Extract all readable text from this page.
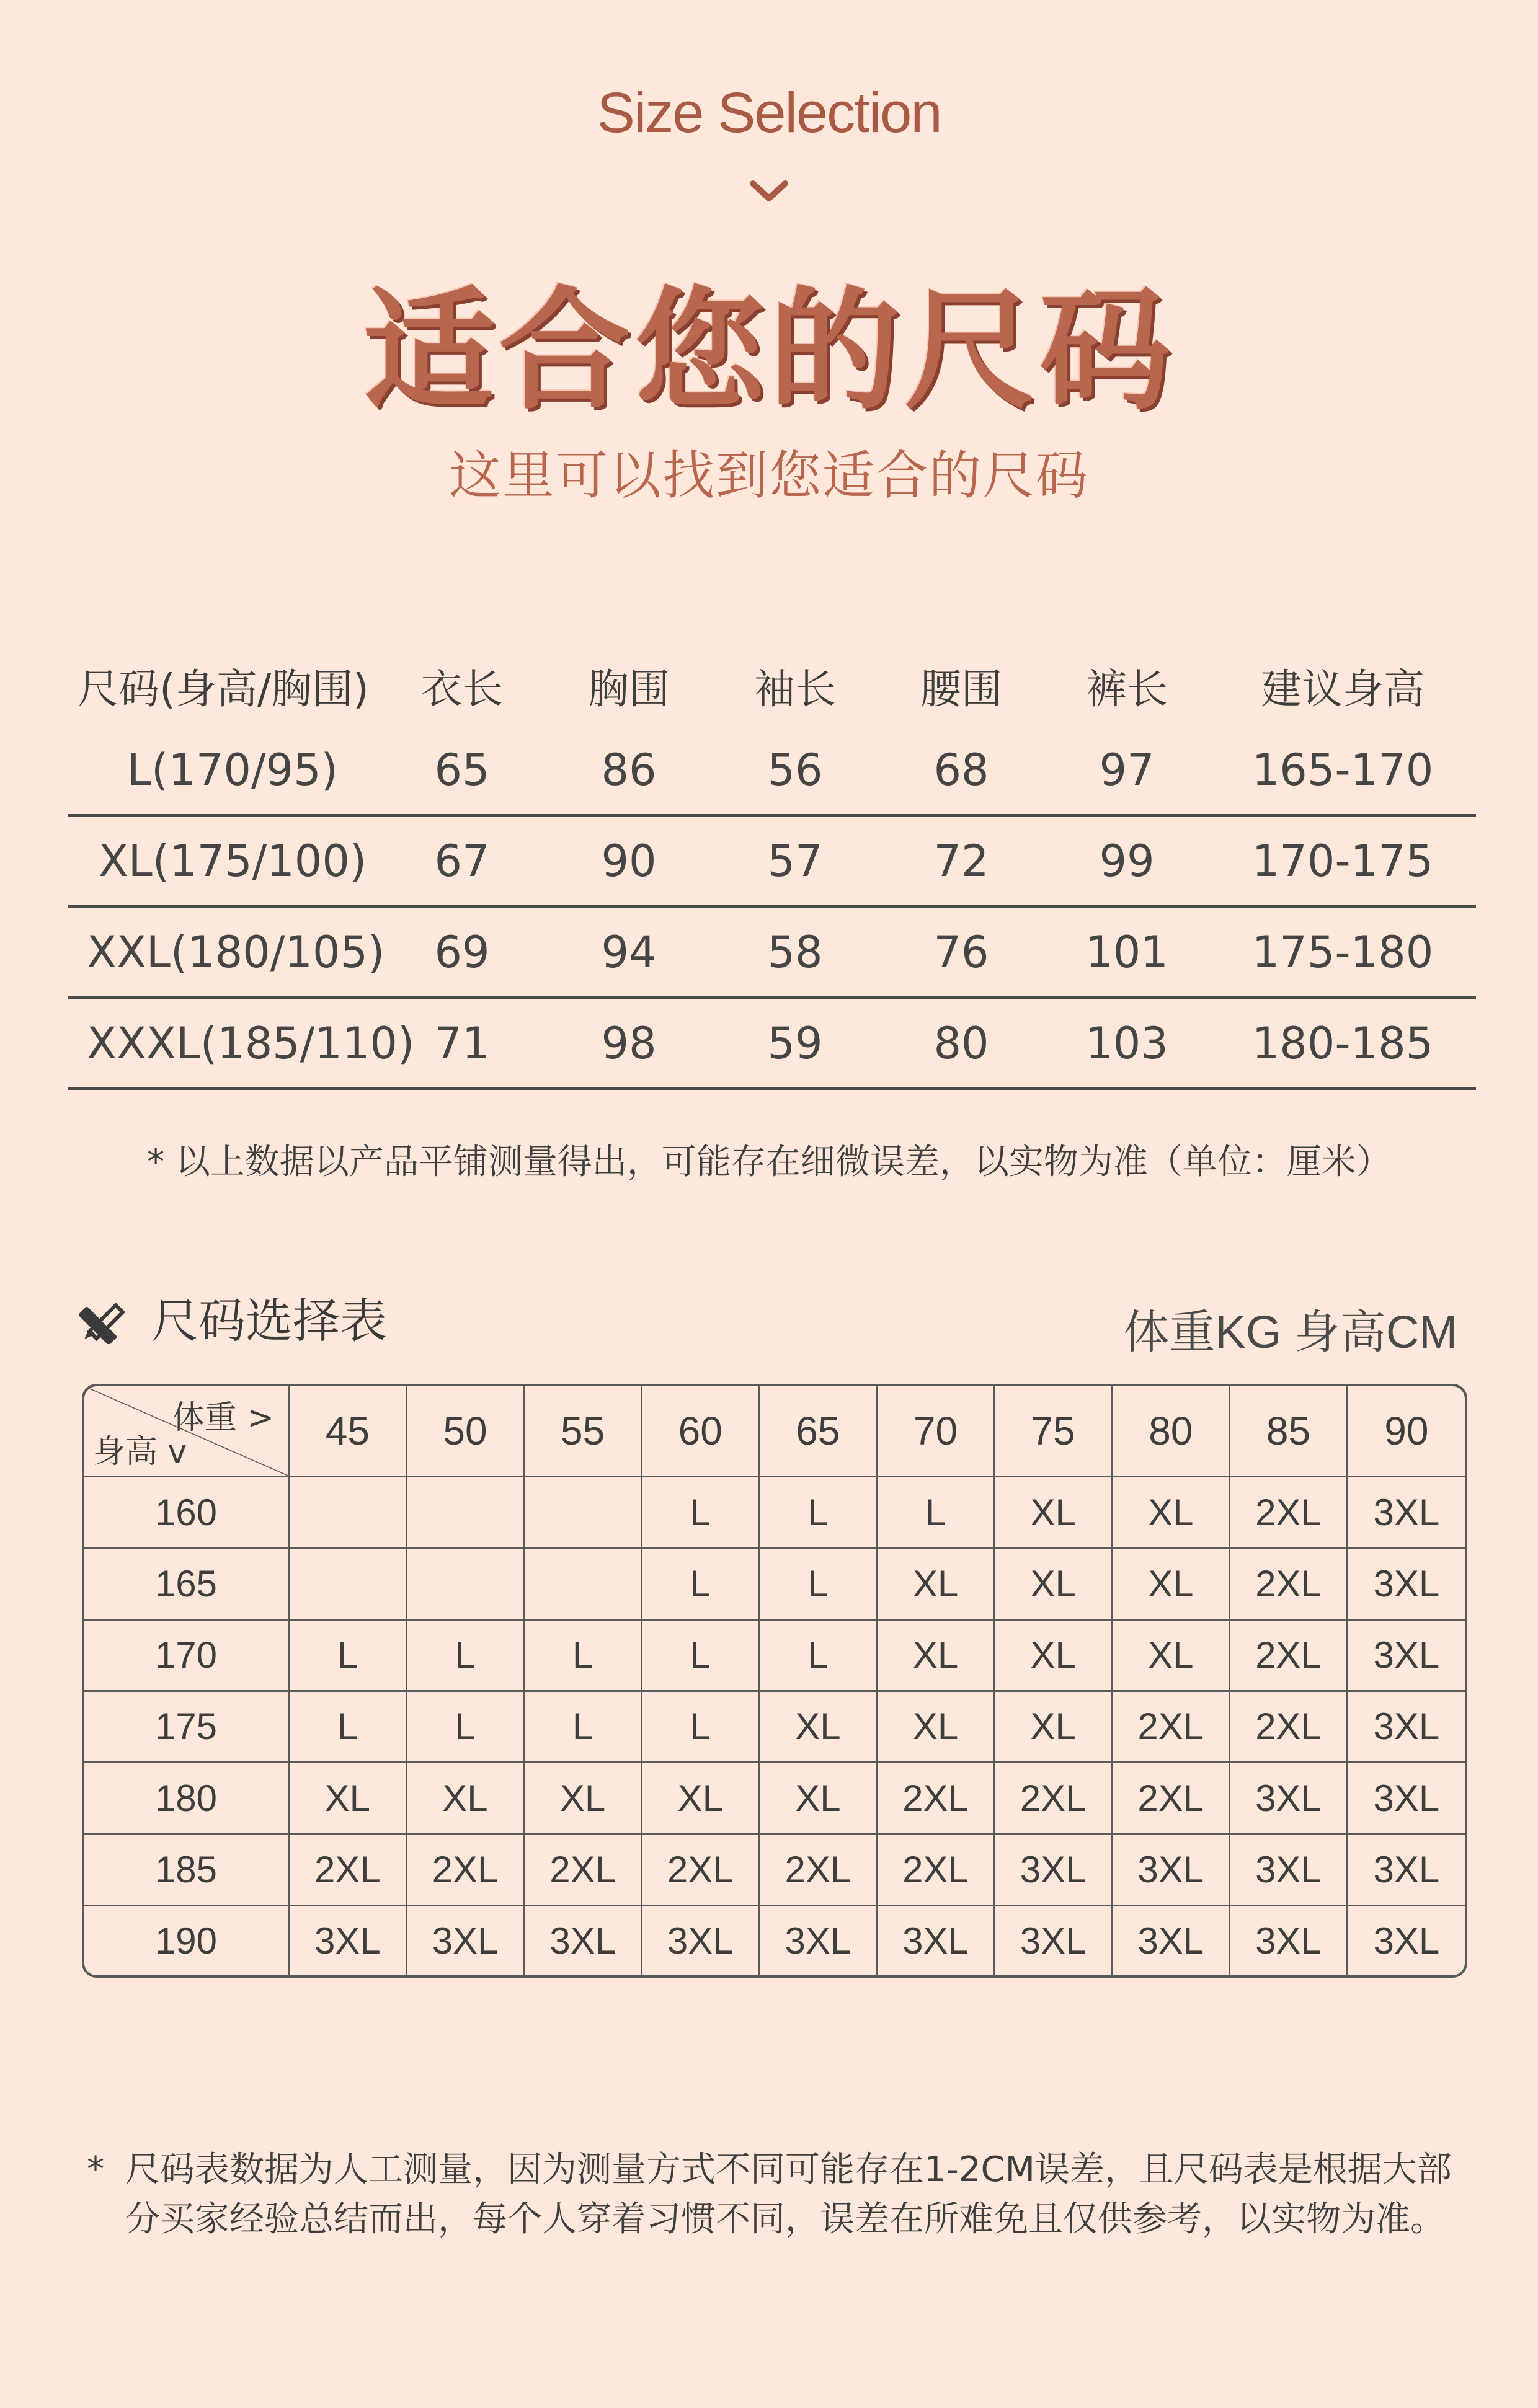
Size Selection
适合您的尺码
这里可以找到您适合的尺码
尺码(身高/胸围)	衣长	胸围	袖长	腰围	裤长	建议身高
L(170/95)	65	86	56	68	97	165-170
XL(175/100)	67	90	57	72	99	170-175
XXL(180/105)	69	94	58	76	101	175-180
XXXL(185/110) 71	98	59	80	103	180-185
* 以上数据以产品平铺测量得出，可能存在细微误差，以实物为准（单位：厘米）
尺码选择表	体重KG 身高CM
体重 >
身高 v	45	50	55	60	65	70	75	80	85	90
160				L	L	L	XL	XL	2XL	3XL
165				L	L	XL	XL	XL	2XL	3XL
170	L	L	L	L	L	XL	XL	XL	2XL	3XL
175	L	L	L	L	XL	XL	XL	2XL	2XL	3XL
180	XL	XL	XL	XL	XL	2XL	2XL	2XL	3XL	3XL
185	2XL	2XL	2XL	2XL	2XL	2XL	3XL	3XL	3XL	3XL
190	3XL	3XL	3XL	3XL	3XL	3XL	3XL	3XL	3XL	3XL
* 尺码表数据为人工测量，因为测量方式不同可能存在1-2CM误差，且尺码表是根据大部分买家经验总结而出，每个人穿着习惯不同，误差在所难免且仅供参考，以实物为准。
